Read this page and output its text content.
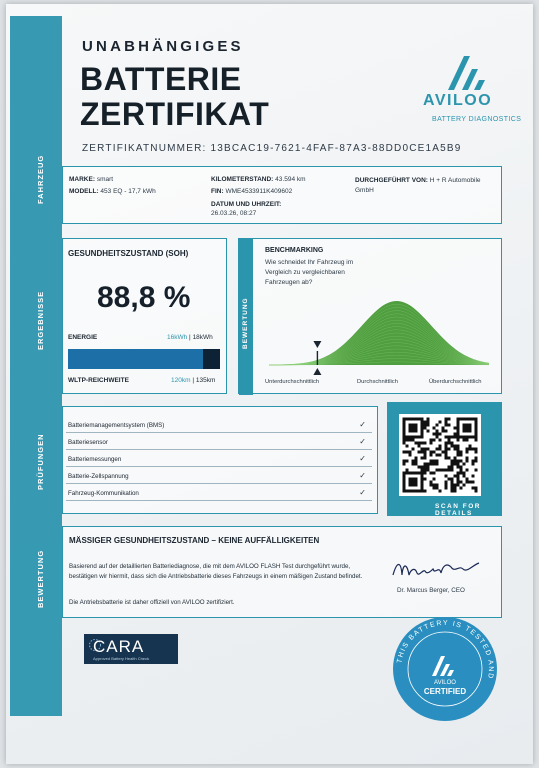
UNABHÄNGIGES
BATTERIE
ZERTIFIKAT
ZERTIFIKATNUMMER: 13BCAC19-7621-4FAF-87A3-88DD0CE1A5B9
AVILOO
BATTERY DIAGNOSTICS
FAHRZEUG	MARKE: smart
MODELL: 453 EQ - 17,7 kWh
KILOMETERSTAND: 43.594 km
FIN: WME4533911K409602
DATUM UND UHRZEIT:
26.03.26, 08:27
DURCHGEFÜHRT VON: H + R Automobile GmbH
ERGEBNISSE
GESUNDHEITSZUSTAND (SOH)
88,8 %
ENERGIE	16kWh | 18kWh
WLTP-REICHWEITE	120km | 135km
BEWERTUNG
BENCHMARKING
Wie schneidet Ihr Fahrzeug im Vergleich zu vergleichbaren Fahrzeugen ab?
Unterdurchschnittlich	Durchschnittlich	Überdurchschnittlich
PRÜFUNGEN
Batteriemanagementsystem (BMS)	✓
Batteriesensor	✓
Batteriemessungen	✓
Batterie-Zellspannung	✓
Fahrzeug-Kommunikation	✓
SCAN FOR DETAILS
BEWERTUNG
MÄSSIGER GESUNDHEITSZUSTAND – KEINE AUFFÄLLIGKEITEN
Basierend auf der detaillierten Batteriediagnose, die mit dem AVILOO FLASH Test durchgeführt wurde, bestätigen wir hiermit, dass sich die Antriebsbatterie dieses Fahrzeugs in einem mäßigen Zustand befindet.
Die Antriebsbatterie ist daher offiziell von AVILOO zertifiziert.
Dr. Marcus Berger, CEO
CARA
Approved Battery Health Check	THIS BATTERY IS TESTED AND
AVILOO
CERTIFIED
